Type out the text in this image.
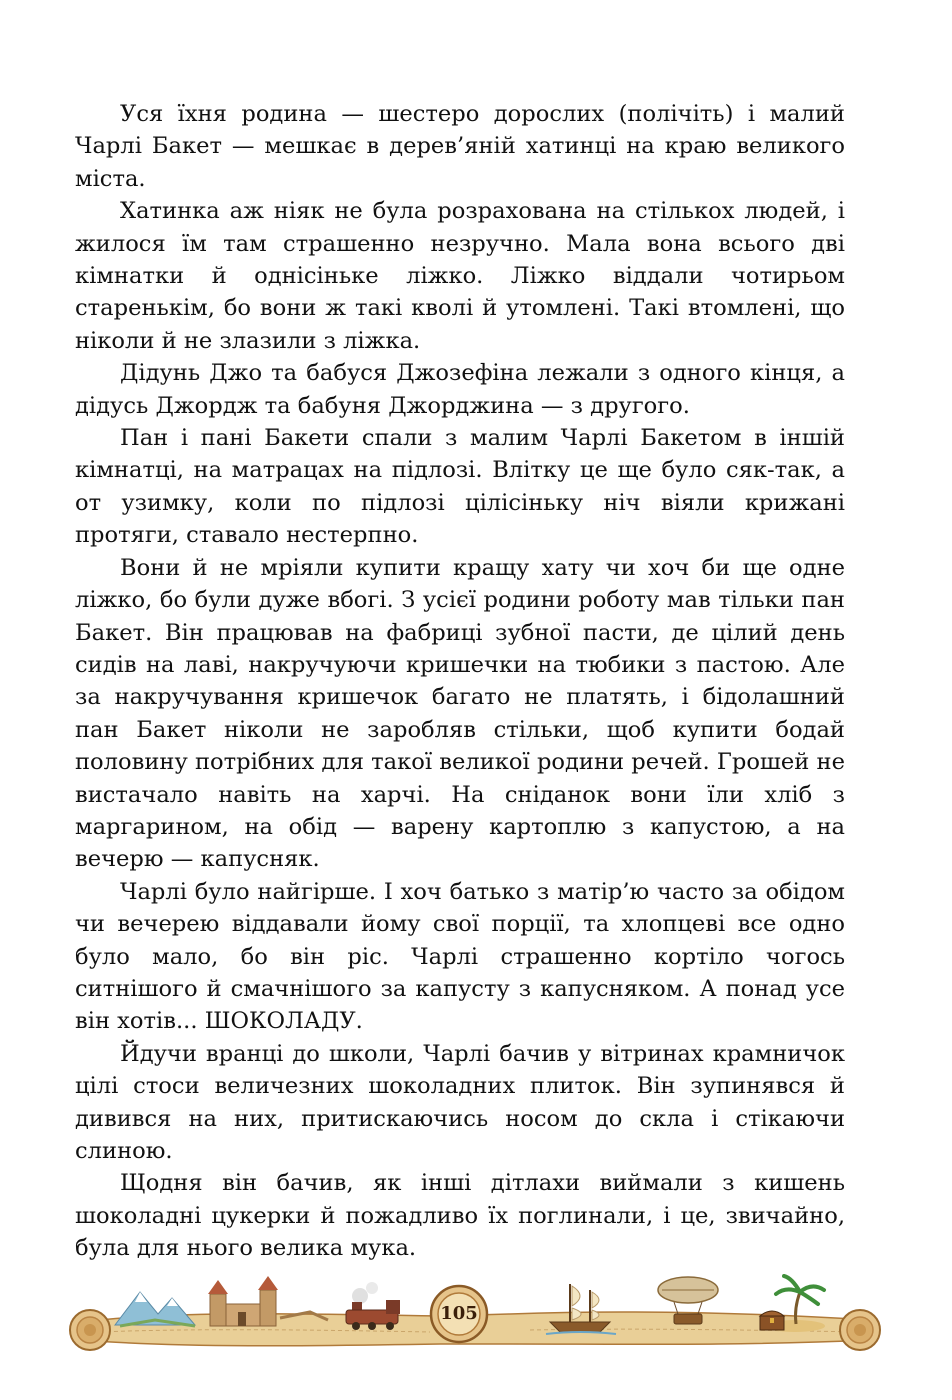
Уся їхня родина — шестеро дорослих (полічіть) і малий Чарлі Бакет — мешкає в дерев’яній хатинці на краю великого міста.

Хатинка аж ніяк не була розрахована на стількох людей, і жилося їм там страшенно незручно. Мала вона всього дві кімнатки й однісіньке ліжко. Ліжко віддали чотирьом старенькім, бо вони ж такі кволі й утомлені. Такі втомлені, що ніколи й не злазили з ліжка.

Дідунь Джо та бабуся Джозефіна лежали з одного кінця, а дідусь Джордж та бабуня Джорджина — з другого.

Пан і пані Бакети спали з малим Чарлі Бакетом в іншій кімнатці, на матрацах на підлозі. Влітку це ще було сяк-так, а от узимку, коли по підлозі цілісіньку ніч віяли крижані протяги, ставало нестерпно.

Вони й не мріяли купити кращу хату чи хоч би ще одне ліжко, бо були дуже вбогі. З усієї родини роботу мав тільки пан Бакет. Він працював на фабриці зубної пасти, де цілий день сидів на лаві, накручуючи кришечки на тюбики з пастою. Але за накручування кришечок багато не платять, і бідолашний пан Бакет ніколи не заробляв стільки, щоб купити бодай половину потрібних для такої великої родини речей. Грошей не вистачало навіть на харчі. На сніданок вони їли хліб з маргарином, на обід — варену картоплю з капустою, а на вечерю — капусняк.

Чарлі було найгірше. І хоч батько з матір’ю часто за обідом чи вечерею віддавали йому свої порції, та хлопцеві все одно було мало, бо він ріс. Чарлі страшенно кортіло чогось ситнішого й смачнішого за капусту з капусняком. А понад усе він хотів... ШОКОЛАДУ.

Йдучи вранці до школи, Чарлі бачив у вітринах крамничок цілі стоси величезних шоколадних плиток. Він зупинявся й дивився на них, притискаючись носом до скла і стікаючи слиною.

Щодня він бачив, як інші дітлахи виймали з кишень шоколадні цукерки й пожадливо їх поглинали, і це, звичайно, була для нього велика мука.

105
